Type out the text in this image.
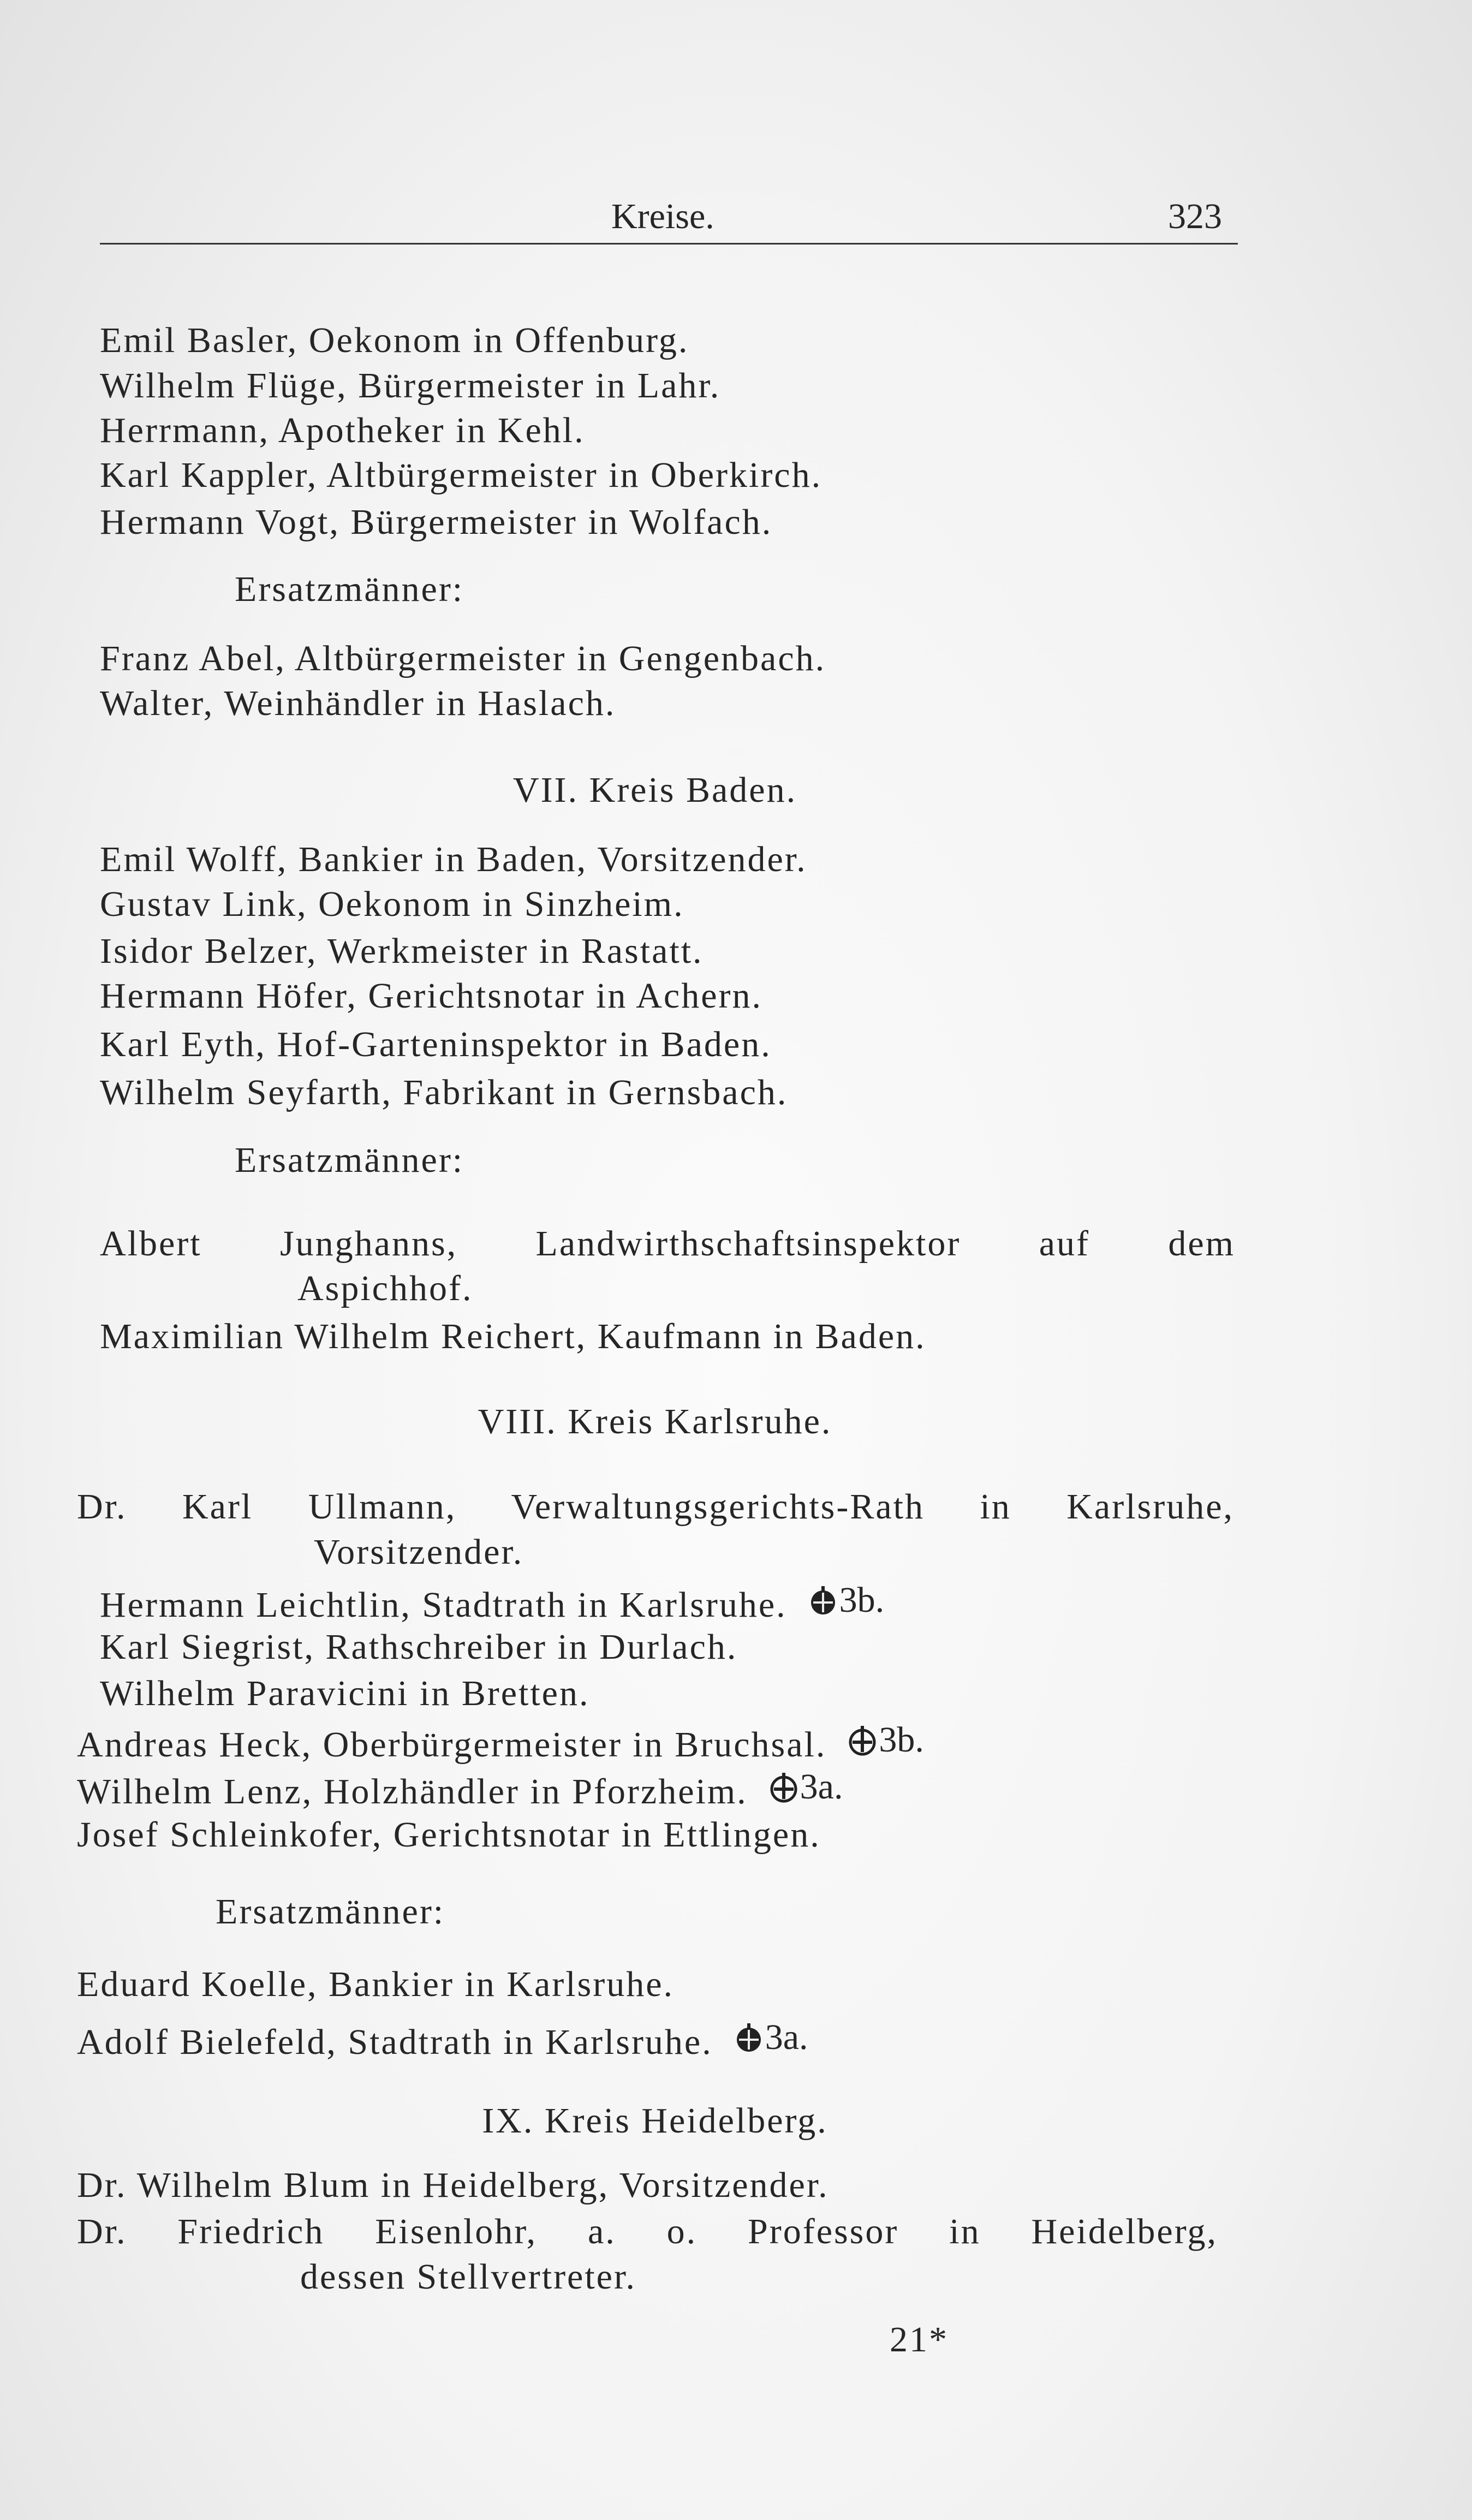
Kreise.	323
Emil Basler, Oekonom in Offenburg.
Wilhelm Flüge, Bürgermeister in Lahr.
Herrmann, Apotheker in Kehl.
Karl Kappler, Altbürgermeister in Oberkirch.
Hermann Vogt, Bürgermeister in Wolfach.
Ersatzmänner:
Franz Abel, Altbürgermeister in Gengenbach.
Walter, Weinhändler in Haslach.
VII. Kreis Baden.
Emil Wolff, Bankier in Baden, Vorsitzender.
Gustav Link, Oekonom in Sinzheim.
Isidor Belzer, Werkmeister in Rastatt.
Hermann Höfer, Gerichtsnotar in Achern.
Karl Eyth, Hof-Garteninspektor in Baden.
Wilhelm Seyfarth, Fabrikant in Gernsbach.
Ersatzmänner:
Albert Junghanns, Landwirthschaftsinspektor auf dem
Aspichhof.
Maximilian Wilhelm Reichert, Kaufmann in Baden.
VIII. Kreis Karlsruhe.
Dr. Karl Ullmann, Verwaltungsgerichts-Rath in Karlsruhe,
Vorsitzender.
Hermann Leichtlin, Stadtrath in Karlsruhe. 3b.
Karl Siegrist, Rathschreiber in Durlach.
Wilhelm Paravicini in Bretten.
Andreas Heck, Oberbürgermeister in Bruchsal. 3b.
Wilhelm Lenz, Holzhändler in Pforzheim. 3a.
Josef Schleinkofer, Gerichtsnotar in Ettlingen.
Ersatzmänner:
Eduard Koelle, Bankier in Karlsruhe.
Adolf Bielefeld, Stadtrath in Karlsruhe. 3a.
IX. Kreis Heidelberg.
Dr. Wilhelm Blum in Heidelberg, Vorsitzender.
Dr. Friedrich Eisenlohr, a. o. Professor in Heidelberg,
dessen Stellvertreter.
21*
